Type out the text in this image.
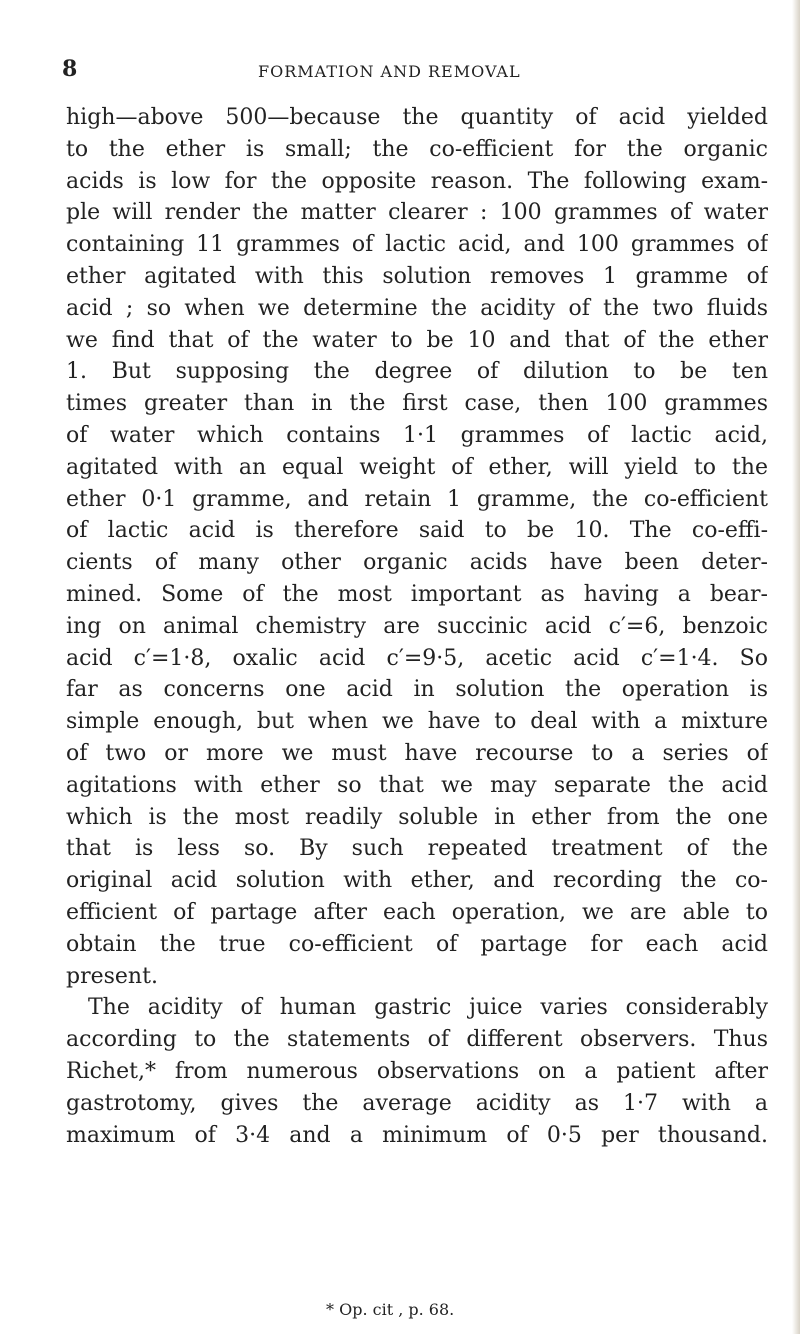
8	FORMATION AND REMOVAL
high—above 500—because the quantity of acid yielded
to the ether is small; the co-efficient for the organic
acids is low for the opposite reason. The following exam-
ple will render the matter clearer : 100 grammes of water
containing 11 grammes of lactic acid, and 100 grammes of
ether agitated with this solution removes 1 gramme of
acid ; so when we determine the acidity of the two fluids
we find that of the water to be 10 and that of the ether
1. But supposing the degree of dilution to be ten
times greater than in the first case, then 100 grammes
of water which contains 1·1 grammes of lactic acid,
agitated with an equal weight of ether, will yield to the
ether 0·1 gramme, and retain 1 gramme, the co-efficient
of lactic acid is therefore said to be 10. The co-effi-
cients of many other organic acids have been deter-
mined. Some of the most important as having a bear-
ing on animal chemistry are succinic acid c′=6, benzoic
acid c′=1·8, oxalic acid c′=9·5, acetic acid c′=1·4. So
far as concerns one acid in solution the operation is
simple enough, but when we have to deal with a mixture
of two or more we must have recourse to a series of
agitations with ether so that we may separate the acid
which is the most readily soluble in ether from the one
that is less so. By such repeated treatment of the
original acid solution with ether, and recording the co-
efficient of partage after each operation, we are able to
obtain the true co-efficient of partage for each acid
present.
The acidity of human gastric juice varies considerably
according to the statements of different observers. Thus
Richet,* from numerous observations on a patient after
gastrotomy, gives the average acidity as 1·7 with a
maximum of 3·4 and a minimum of 0·5 per thousand.
* Op. cit , p. 68.
